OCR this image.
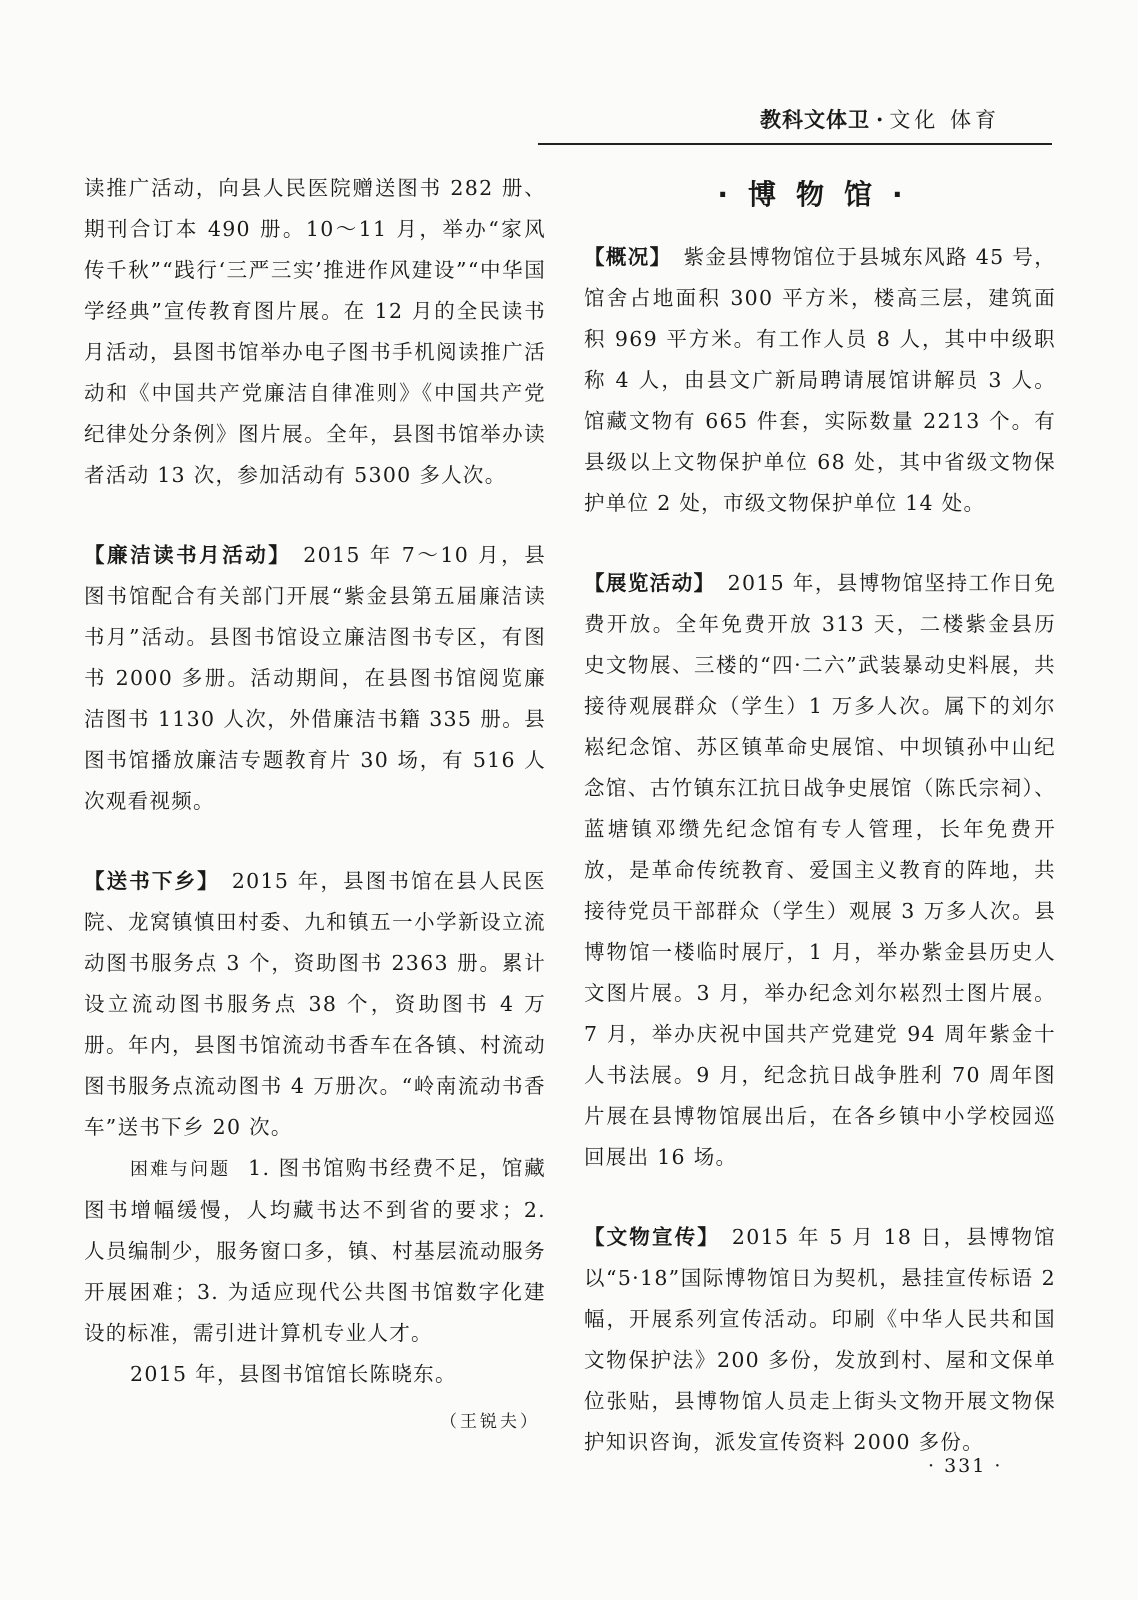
教科文体卫 · 文化 体育

读推广活动，向县人民医院赠送图书 282 册、期刊合订本 490 册。10～11 月，举办“家风传千秋”“践行‘三严三实’推进作风建设”“中华国学经典”宣传教育图片展。在 12 月的全民读书月活动，县图书馆举办电子图书手机阅读推广活动和《中国共产党廉洁自律准则》《中国共产党纪律处分条例》图片展。全年，县图书馆举办读者活动 13 次，参加活动有 5300 多人次。

【廉洁读书月活动】 2015 年 7～10 月，县图书馆配合有关部门开展“紫金县第五届廉洁读书月”活动。县图书馆设立廉洁图书专区，有图书 2000 多册。活动期间，在县图书馆阅览廉洁图书 1130 人次，外借廉洁书籍 335 册。县图书馆播放廉洁专题教育片 30 场，有 516 人次观看视频。

【送书下乡】 2015 年，县图书馆在县人民医院、龙窝镇慎田村委、九和镇五一小学新设立流动图书服务点 3 个，资助图书 2363 册。累计设立流动图书服务点 38 个，资助图书 4 万册。年内，县图书馆流动书香车在各镇、村流动图书服务点流动图书 4 万册次。“岭南流动书香车”送书下乡 20 次。

困难与问题 1. 图书馆购书经费不足，馆藏图书增幅缓慢，人均藏书达不到省的要求；2. 人员编制少，服务窗口多，镇、村基层流动服务开展困难；3. 为适应现代公共图书馆数字化建设的标准，需引进计算机专业人才。

2015 年，县图书馆馆长陈晓东。

（王锐夫）
·博物馆·

【概况】 紫金县博物馆位于县城东风路 45 号，馆舍占地面积 300 平方米，楼高三层，建筑面积 969 平方米。有工作人员 8 人，其中中级职称 4 人，由县文广新局聘请展馆讲解员 3 人。馆藏文物有 665 件套，实际数量 2213 个。有县级以上文物保护单位 68 处，其中省级文物保护单位 2 处，市级文物保护单位 14 处。

【展览活动】 2015 年，县博物馆坚持工作日免费开放。全年免费开放 313 天，二楼紫金县历史文物展、三楼的“四·二六”武装暴动史料展，共接待观展群众（学生）1 万多人次。属下的刘尔崧纪念馆、苏区镇革命史展馆、中坝镇孙中山纪念馆、古竹镇东江抗日战争史展馆（陈氏宗祠）、蓝塘镇邓缵先纪念馆有专人管理，长年免费开放，是革命传统教育、爱国主义教育的阵地，共接待党员干部群众（学生）观展 3 万多人次。县博物馆一楼临时展厅，1 月，举办紫金县历史人文图片展。3 月，举办纪念刘尔崧烈士图片展。7 月，举办庆祝中国共产党建党 94 周年紫金十人书法展。9 月，纪念抗日战争胜利 70 周年图片展在县博物馆展出后，在各乡镇中小学校园巡回展出 16 场。

【文物宣传】 2015 年 5 月 18 日，县博物馆以“5·18”国际博物馆日为契机，悬挂宣传标语 2 幅，开展系列宣传活动。印刷《中华人民共和国文物保护法》200 多份，发放到村、屋和文保单位张贴，县博物馆人员走上街头文物开展文物保护知识咨询，派发宣传资料 2000 多份。

· 331 ·
